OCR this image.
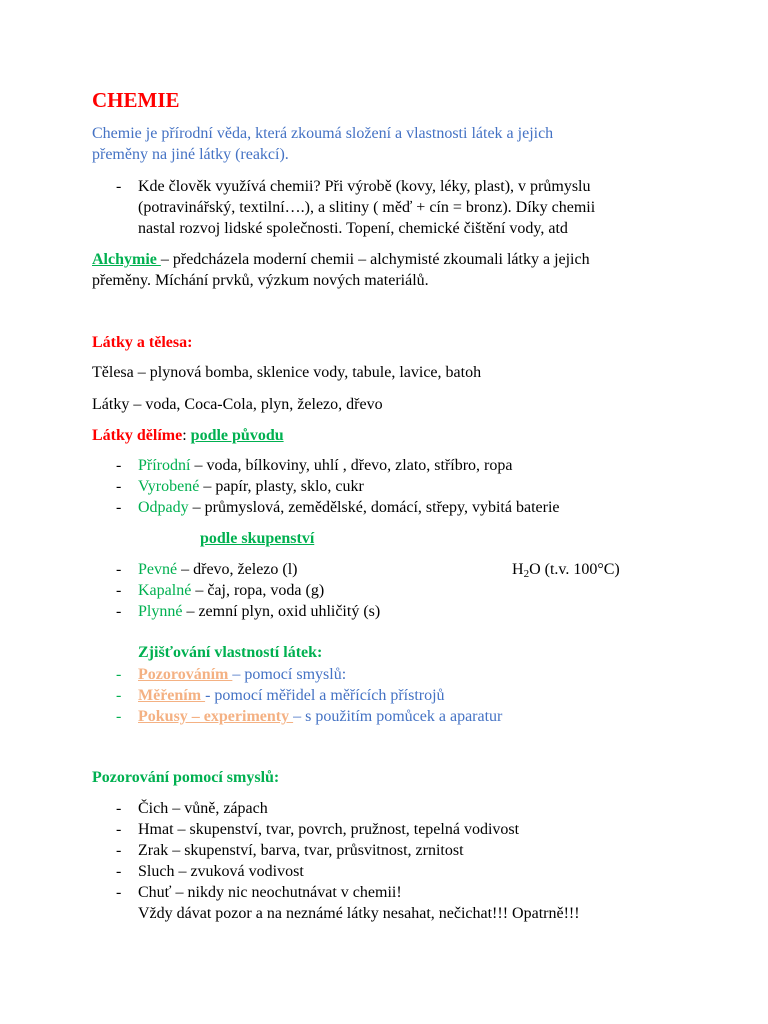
CHEMIE
Chemie je přírodní věda, která zkoumá složení a vlastnosti látek a jejich
přeměny na jiné látky (reakcí).
- Kde člověk využívá chemii? Při výrobě (kovy, léky, plast), v průmyslu
(potravinářský, textilní….), a slitiny ( měď + cín = bronz). Díky chemii
nastal rozvoj lidské společnosti. Topení, chemické čištění vody, atd
Alchymie – předcházela moderní chemii – alchymisté zkoumali látky a jejich
přeměny. Míchání prvků, výzkum nových materiálů.
Látky a tělesa:
Tělesa – plynová bomba, sklenice vody, tabule, lavice, batoh
Látky – voda, Coca-Cola, plyn, železo, dřevo
Látky dělíme: podle původu
- Přírodní – voda, bílkoviny, uhlí , dřevo, zlato, stříbro, ropa
- Vyrobené – papír, plasty, sklo, cukr
- Odpady – průmyslová, zemědělské, domácí, střepy, vybitá baterie
podle skupenství
- Pevné – dřevo, železo (l)	$H_2O$ (t.v. 100°C)
- Kapalné – čaj, ropa, voda (g)
- Plynné – zemní plyn, oxid uhličitý (s)
Zjišťování vlastností látek:
- Pozorováním – pomocí smyslů:
- Měřením - pomocí měřidel a měřících přístrojů
- Pokusy – experimenty – s použitím pomůcek a aparatur
Pozorování pomocí smyslů:
- Čich – vůně, zápach
- Hmat – skupenství, tvar, povrch, pružnost, tepelná vodivost
- Zrak – skupenství, barva, tvar, průsvitnost, zrnitost
- Sluch – zvuková vodivost
- Chuť – nikdy nic neochutnávat v chemii!
Vždy dávat pozor a na neznámé látky nesahat, nečichat!!! Opatrně!!!
